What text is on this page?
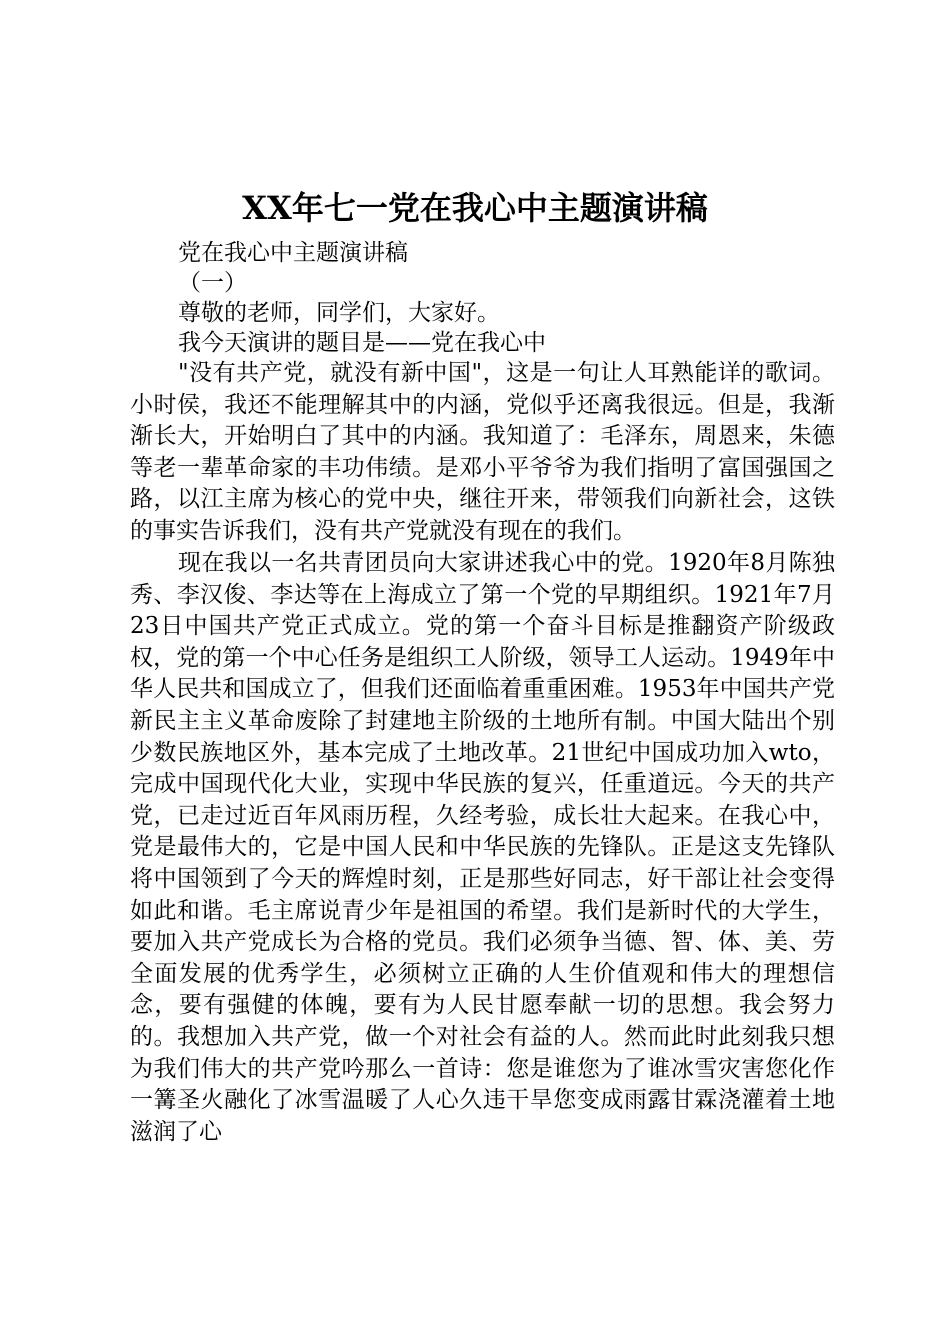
XX年七一党在我心中主题演讲稿
党在我心中主题演讲稿
（一）
尊敬的老师，同学们，大家好。
我今天演讲的题目是——党在我心中

"没有共产党，就没有新中国"，这是一句让人耳熟能详的歌词。小时侯，我还不能理解其中的内涵，党似乎还离我很远。但是，我渐渐长大，开始明白了其中的内涵。我知道了：毛泽东，周恩来，朱德等老一辈革命家的丰功伟绩。是邓小平爷爷为我们指明了富国强国之路，以江主席为核心的党中央，继往开来，带领我们向新社会，这铁的事实告诉我们，没有共产党就没有现在的我们。

现在我以一名共青团员向大家讲述我心中的党。1920年8月陈独秀、李汉俊、李达等在上海成立了第一个党的早期组织。1921年7月23日中国共产党正式成立。党的第一个奋斗目标是推翻资产阶级政权，党的第一个中心任务是组织工人阶级，领导工人运动。1949年中华人民共和国成立了，但我们还面临着重重困难。1953年中国共产党新民主主义革命废除了封建地主阶级的土地所有制。中国大陆出个别少数民族地区外，基本完成了土地改革。21世纪中国成功加入wto，完成中国现代化大业，实现中华民族的复兴，任重道远。今天的共产党，已走过近百年风雨历程，久经考验，成长壮大起来。在我心中，党是最伟大的，它是中国人民和中华民族的先锋队。正是这支先锋队将中国领到了今天的辉煌时刻，正是那些好同志，好干部让社会变得如此和谐。毛主席说青少年是祖国的希望。我们是新时代的大学生，要加入共产党成长为合格的党员。我们必须争当德、智、体、美、劳全面发展的优秀学生，必须树立正确的人生价值观和伟大的理想信念，要有强健的体魄，要有为人民甘愿奉献一切的思想。我会努力的。我想加入共产党，做一个对社会有益的人。然而此时此刻我只想为我们伟大的共产党吟那么一首诗：您是谁您为了谁冰雪灾害您化作一篝圣火融化了冰雪温暖了人心久违干旱您变成雨露甘霖浇灌着土地滋润了心
